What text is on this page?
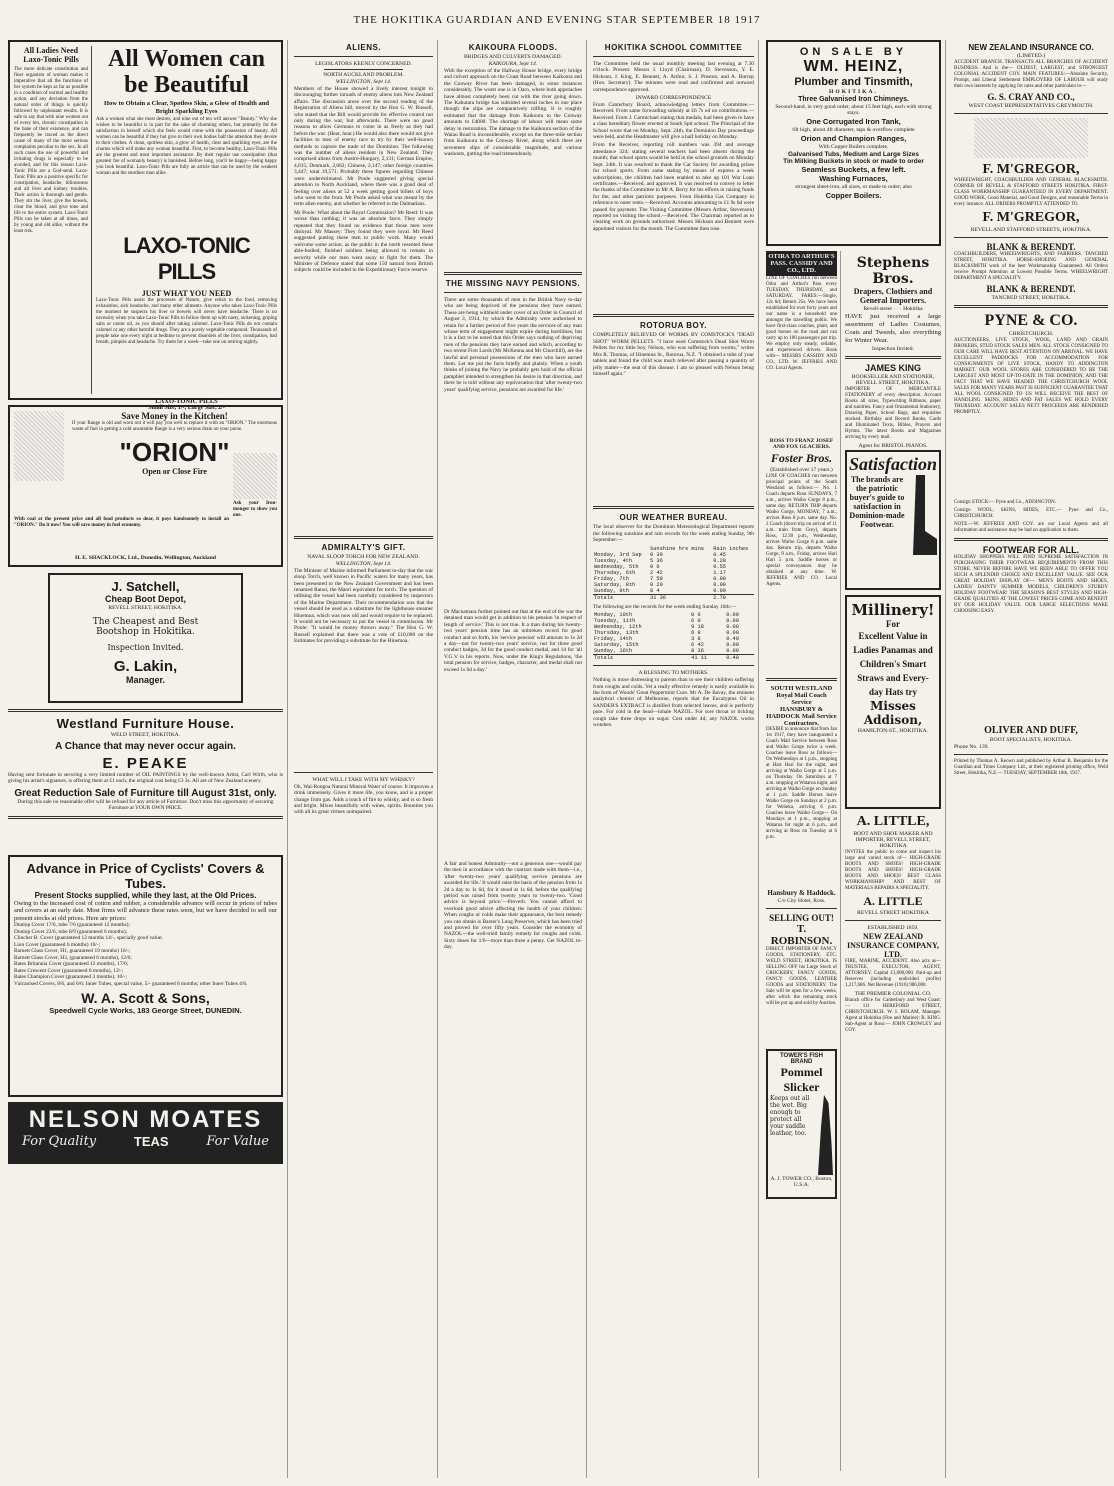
THE HOKITIKA GUARDIAN AND EVENING STAR SEPTEMBER 18 1917
All Ladies Need Laxo-Tonic Pills
The more delicate constitution and finer organism of woman makes it imperative that all the functions of her system be kept as far as possible in a condition of normal and healthy action, and any deviation from the natural order of things is quickly followed by unpleasant results. It is safe to say that with nine women out of every ten, chronic constipation is the bane of their existence, and can frequently be traced as the direct cause of many of the more serious complaints peculiar to the sex. In all such cases the use of powerful and irritating drugs is especially to be avoided, and for this reason Laxo-Tonic Pills are a God-send. Laxo-Tonic Pills are a positive specific for constipation, headache, biliousness and all liver and kidney troubles. Their action is thorough and gentle. They stir the liver, give the bowels, clear the blood, and give tone and life to the entire system. Laxo-Tonic Pills can be taken at all times, and by young and old alike, without the least risk.
All Women can be Beautiful
How to Obtain a Clear, Spotless Skin, a Glow of Health and Bright Sparkling Eyes
Ask a woman what she most desires, and nine out of ten will answer "Beauty." Why she wishes to be beautiful is in part for the sake of charming others, but primarily for the satisfaction in herself which she feels would come with the possession of beauty. All women can be beautiful if they but give to their own bodies half the attention they devote to their clothes. A clean, spotless skin, a glow of health, clear and sparkling eyes, are the charms which will make any woman beautiful. First, to become healthy, Laxo-Tonic Pills are the greatest and most important assistance. By their regular use constipation (that greatest foe of womanly beauty) is banished. Before long, you'll be happy—being happy you look beautiful. Laxo-Tonic Pills are fully an article that can be used by the weakest woman and the sturdiest man alike.
LAXO-TONIC PILLS
JUST WHAT YOU NEED
Laxo-Tonic Pills assist the processes of Nature, give relish to the food, removing exhaustion, sick headache, and many other ailments. Anyone who takes Laxo-Tonic Pills the moment he suspects his liver or bowels will never have headache. There is no necessity when you take Laxo-Tonic Pills to follow them up with nasty, sickening, griping salts or castor oil, as you should after taking calomel. Laxo-Tonic Pills do not contain calomel or any other harmful drugs. They are a purely vegetable compound. Thousands of people take one every night at bedtime to prevent disorders of the liver, constipation, bad breath, pimples and headache. Try them for a week—take one on retiring nightly.
LAXO-TONIC PILLS
Small Size, 1/-; Large Size, 2/-
Save Money in the Kitchen!
If your Range is old and worn out it will pay you well to replace it with an "ORION." The enormous waste of fuel in getting a cold unsuitable Range is a very serious drain on your purse.
"ORION"
Open or Close Fire
Ask your Iron-monger to show you one.
With coal at the present price and all food products so dear, it pays handsomely to install an "ORION." Do it now! You will save money in fuel economy.
H. E. SHACKLOCK, Ltd., Dunedin, Wellington, Auckland
J. Satchell,
Cheap Boot Depot,
REVELL STREET, HOKITIKA.
The Cheapest and Best
Bootshop in Hokitika.
Inspection Invited.
G. Lakin,
Manager.
Westland Furniture House.
WELD STREET, HOKITIKA.
A Chance that may never occur again.
E. PEAKE
Having sent fortunate in securing a very limited number of OIL PAINTINGS by the well-known Artist, Carl Wirth, who is giving his artist's signature, is offering them at £1 each, the original cost being £3 3s. All are of New Zealand scenery.
Great Reduction Sale of Furniture till August 31st, only.
During this sale no reasonable offer will be refused for any article of Furniture. Don't miss this opportunity of securing Furniture at YOUR OWN PRICE.
Advance in Price of Cyclists' Covers & Tubes.
Present Stocks supplied, while they last, at the Old Prices.
Owing to the increased cost of cotton and rubber, a considerable advance will occur in prices of tubes and covers at an early date. Most firms will advance these rates soon, but we have decided to sell our present stocks at old prices. Here are prices:
Dunlop Cover 17/6, tube 7/6 (guaranteed 12 months);
Dunlop Cover 22/6, tube 8/9 (guaranteed 6 months);
Clincher B. Cover (guaranteed 12 months 14/-, specially good value;
Lion Cover (guaranteed 6 months) 10/-;
Barnett Glass Cover, H1, guaranteed 19 months) 16/-;
Barnett Glass Cover, H3, (guaranteed 6 months), 12/6;
Bates Britannia Cover (guaranteed 12 months), 17/6;
Bates Crescent Cover (guaranteed 6 months), 12/-;
Bates Champion Cover (guaranteed 3 months), 10/-;
Vulcanised Covers, 8/6, and 6/6: Inner Tubes, special value, 5/- guaranteed 6 months; other Inner Tubes 4/6.
W. A. Scott & Sons,
Speedwell Cycle Works, 183 George Street, DUNEDIN.
NELSON MOATES
For Quality	TEAS	For Value
ALIENS.
LEGISLATORS KEENLY CONCERNED.
NORTH AUCKLAND PROBLEM.
WELLINGTON, Sept 14.
Members of the House showed a lively interest tonight in discouraging further inroads of enemy aliens into New Zealand affairs. The discussion arose over the second reading of the Registration of Aliens bill, moved by the Hon G. W. Russell, who stated that the Bill would provide for effective control not only during the war, but afterwards. There were no good reasons to allow Germans to come in as freely as they had before the war. (Hear, hear.) He would also there would not give facilities to men of enemy race to try by their well-known methods to capture the trade of the Dominion. The following was the number of aliens resident in New Zealand. They comprised aliens from Austro-Hungary, 2,131; German Empire, 4,015; Denmark, 2,062; Chinese, 2,147; other foreign countries 3,447; total 19,571. Probably these figures regarding Chinese were underestimated. Mr Poole suggested giving special attention to North Auckland, where there was a good deal of feeling over aliens at 52 a week getting good billets of boys who went to the front. Mr Poole asked what was meant by the term alien enemy, and whether he referred to the Dalmatians.
Mr Poole: What about the Royal Commission? Mr Reed: It was worse than nothing; it was an absolute farce. They simply repeated that they found no evidence that those men were disloyal. Mr Massey: They found they were loyal. Mr Reed suggested putting these men to public work. Many would welcome some action, as the public in the north resented these able-bodied, finished soldiers being allowed to remain in security while our men went away to fight for them. The Minister of Defence stated that some 150 natural born British subjects could be included in the Expeditionary Force reserve.
ADMIRALTY'S GIFT.
NAVAL SLOOP TORCH FOR NEW ZEALAND.
WELLINGTON, Sept 14.
The Minister of Marine informed Parliament to-day that the war sloop Torch, well known in Pacific waters for many years, has been presented to the New Zealand Government and has been renamed Ranui, the Maori equivalent for torch. The question of utilising the vessel had been carefully considered by inspectors of the Marine Department. Their recommendation was that the vessel should be used as a substitute for the lighthouse steamer Hinemoa, which was now old and would require to be replaced. It would not be necessary to put the vessel in commission. Mr Poole: "It would be money thrown away." The Hon G. W. Russell explained that there was a vote of £10,000 on the Estimates for providing a substitute for the Hinemoa.
WHAT WILL I TAKE WITH MY WHISKY?
Oh, Wai-Rongoa Natural Mineral Water of course. It improves a drink immensely. Gives it more life, you know, and is a proper change from gas. Adds a touch of fire to whisky, and is so fresh and bright. Mixes beautifully with wines, spirits. Bounties you with all its great virtues unimpaired.
KAIKOURA FLOODS.
BRIDGES AND CULVERTS DAMAGED.
KAIKOURA, Sept 14.
With the exception of the Hallway House bridge, every bridge and culvert approach on the Coast Road between Kaikoura and the Conway River has been damaged, in some instances considerably. The worst one is in Oaro, where both approaches have almost completely been cut with the river going down. The Kahutara bridge has subsided several inches in one place though the slips are comparatively trifling. It is roughly estimated that the damage from Kaikoura to the Conway amounts to £4000. The shortage of labour will mean some delay in restoration. The damage to the Kaikoura section of the Waiau Road is inconsiderable, except on the three-mile section from Kaikoura to the Conway River, along which there are seventeen slips of considerable magnitude, and various washouts, gutting the road tremendously.
THE MISSING NAVY PENSIONS.
There are some thousands of men in the British Navy to-day who are being deprived of the pensions they have earned. These are being withheld under cover of an Order in Council of August 3, 1914, by which the Admiralty were authorised to retain for a further period of five years the services of any man whose term of engagement might expire during hostilities; but it is a fact to be noted that this Order says nothing of depriving men of the pensions they have earned and which, according to two recent First Lords (Mr McKenna and Mr Churchill), are the lawful and personal possessions of the men who have earned them. Let me put the facts briefly and plainly. When a youth thinks of joining the Navy he probably gets hold of the official pamphlet intended to strengthen his desire in that direction, and there he is told without any equivocation that 'after twenty-two years' qualifying service, pensions are awarded for life.'
Dr Macnamara further pointed out that at the end of the war the detained man would get in addition to his pension 'in respect of length of service.' This is not true. It a man during his twenty-two years' pension time has an unbroken record for good conduct and so forth, his 'service pension' will amount to 1s 2d a day—not for twenty-two years' service, nor for three good conduct badges, 3d for the good conduct medal, and 1d for 'all V.G.'s' in his reports. Now, under the King's Regulations, 'the total pension for service, badges, character, and medal shall not exceed 1s 6d a day.'
A fair and honest Admiralty—not a generous one—would pay the men in accordance with the contract made with them—i.e., 'after twenty-two years' qualifying service pensions are awarded for life.' It would raise the basis of the pension from 1s 2d a day to 1s 6d, for it stood at 1s 6d, before the qualifying period was raised from twenty years to twenty-two. 'Good advice is beyond price.'—Proverb. You cannot afford to overlook good advice affecting the health of your children. When coughs or colds make their appearance, the best remedy you can obtain is Baxter's Lung Preserver, which has been tried and proved for over fifty years. Consider the economy of NAZOL—the well-tried family remedy for coughs and colds. Sixty doses for 1/6—more than three a penny. Get NAZOL to-day.
HOKITIKA SCHOOL COMMITTEE
The Committee held the usual monthly meeting last evening at 7.30 o'clock. Present: Messrs J. Lloyd (Chairman), D. Stevenson, Y. E. Hickson, J. King, E. Bennett, A. Arthur, S. J. Preston, and A. Burrop (Hon. Secretary). The minutes were read and confirmed and outward correspondence approved.
INWARD CORRESPONDENCE
From Canterbury Board, acknowledging letters from Committee.—Received. From same forwarding subsidy at £6 7s od on contributions.—Received. From J. Carmichael stating that medals, had been given to have a class hereditary flower erected at South Spit school. The Principal of the School wrote that on Monday, Sept. 24th, the Dominion Day proceedings were held, and the Headmaster will give a half holiday on Monday.
From the Receiver, reporting roll numbers was 394 and average attendance 324; stating several teachers had been absent during the month; that school sports would be held in the school grounds on Monday Sept. 24th. It was resolved to thank the Cat Society for awarding prizes for school sports. From same stating by means of express a week subscriptions, the children had been enabled to take up 101 War Loan certificates.—Received, and approved. It was resolved to convey to letter the thanks of the Committee to Mr A. Berry for his efforts in raising funds for the, and other patriotic purposes. From Hokitika Gas Company in reference to outer rents.—Received. Accounts amounting to £1 9s 6d were passed for payment. The Visiting Committee (Messrs Arthur, Stevenson) reported on visiting the school.—Received. The Chairman reported as to clearing work on grounds authorised. Messrs Hickson and Bennett were appointed visitors for the month. The Committee then rose.
ROTORUA BOY.
COMPLETELY RELIEVED OF WORMS BY COMSTOCK'S "DEAD SHOT" WORM PELLETS. "I have used Comstock's Dead Shot Worm Pellets for my little boy, Nelson, who was suffering from worms," writes Mrs R. Thomas, of Hinemoa St., Rotorua, N.Z. "I obtained a tube of your tablets and found the child was much relieved after passing a quantity of jelly matter—the seat of this disease. I am so pleased with Nelson being himself again."
OUR WEATHER BUREAU.
The local observer for the Dominion Meteorological Department reports the following sunshine and rain records for the week ending Sunday, 9th September:—
	Sunshine hrs mins	Rain inches
Monday, 3rd Sep	0 30	0.45
Tuesday, 4th	5 36	0.28
Wednesday, 5th	0 0	0.55
Thursday, 6th	2 42	1.17
Friday, 7th	7 50	0.00
Saturday, 8th	8 20	0.00
Sunday, 9th	8 4	0.00
Totals	31 36	2.70
The following are the records for the week ending Sunday 16th:—
Monday, 10th	0 0	0.00
Tuesday, 11th	6 0	0.00
Wednesday, 12th	9 18	0.00
Thursday, 13th	6 8	0.00
Friday, 14th	3 8	0.40
Saturday, 15th	6 42	0.00
Sunday, 16th	8 36	0.00
Totals	41 11	0.40
A BLESSING TO MOTHERS.
Nothing is more distressing to parents than to see their children suffering from coughs and colds. Yet a really effective remedy is easily available in the form of Woods' Great Peppermint Cure. Mr A. De Bavay, the eminent analytical chemist of Melbourne, reports that the Eucalyptus Oil in SANDER'S EXTRACT is distilled from selected leaves, and is perfectly pure. For cold in the head—inhale NAZOL. For sore throat or tickling cough take three drops on sugar. Cost under 4d; any NAZOL works wonders.
ON SALE BY
WM. HEINZ,
Plumber and Tinsmith,
HOKITIKA.
Three Galvanised Iron Chimneys.
Second-hand, in very good order, about 15 feet high, each with strong stays.
One Corrugated Iron Tank,
6ft high, about 4ft diameter, taps & overflow complete
Orion and Champion Ranges,
With Copper Boilers complete.
Galvanised Tubs, Medium and Large Sizes
Tin Milking Buckets in stock or made to order
Seamless Buckets, a few left.
Washing Furnaces,
strongest sheet-iron, all sizes, or made to order; also
Copper Boilers.
OTIRA TO ARTHUR'S PASS. CASSIDY AND CO., LTD.
LINE OF COACHES run between Otira and Arthur's Pass every TUESDAY, THURSDAY, and SATURDAY. FARES:—Single, 12s 6d; Return 25s. We have been established for over forty years and our name is a household one amongst the travelling public. We have first-class coaches, plant, and good horses on the road and can carry up to 100 passengers per trip. We employ only steady, reliable, and experienced drivers. Book with— MESSRS CASSIDY AND CO., LTD. W. JEFFRIES AND CO. Local Agents.
ROSS TO FRANZ JOSEF AND FOX GLACIERS.
Foster Bros.
(Established over 17 years.)
LINE OF COACHES run between principal points of the South Westland as follows:— No. 1 Coach departs Ross SUNDAYS, 7 a.m., arrives Waiho Gorge 8 p.m., same day. RETURN TRIP departs Waiho Gorge, MONDAY, 7 a.m., arrives Ross 8 p.m. same day. No. 2 Coach (down trip on arrival of 11 a.m. train from Grey), departs Ross, 12.30 p.m., Wednesday, arrives Waiho Gorge 8 p.m. same day. Return trip, departs Waiho Gorge, 9 a.m., Friday, arrives Hari Hari 5 p.m. Saddle horses or special conveyances may be obtained at any time. W. JEFFRIES AND CO. Local Agents.
SOUTH WESTLAND Royal Mail Coach Service
HANSBURY & HADDOCK Mail Service Contractors.
DESIRE to announce that from Jan 1st 1917, they have inaugurated a Coach Mail Service between Ross and Waiho Gorge twice a week. Coaches leave Ross as follows— On Wednesdays at 1 p.m., stopping at Hari Hari for the night, and arriving at Waiho Gorge at 5 p.m. on Thursday. On Saturdays at 7 a.m. stopping at Wataroa night, and arriving at Waiho Gorge on Sunday at 1 p.m. Saddle Horses leave Waiho Gorge on Sundays at 2 p.m. for Weheka, arriving 6 p.m. Coaches leave Waiho Gorge— On Mondays at 1 p.m., stopping at Wataroa for night at 6 p.m., and arriving at Ross on Tuesday at 6 p.m.
Hansbury & Haddock.
C/o City Hotel, Ross.
SELLING OUT!
T. ROBINSON.
DIRECT IMPORTER OF FANCY GOODS, STATIONERY, ETC. WELD STREET, HOKITIKA. IS SELLING OFF his Large Stock of CROCKERY, FANCY GOODS, FANCY GOODS, LEATHER GOODS and STATIONERY. The Sale will be open for a few weeks, after which the remaining stock will be put up and sold by Auction.
TOWER'S FISH BRAND
Pommel Slicker
Keeps out all the wet. Big enough to protect all your saddle leather, too.
A. J. TOWER CO., Boston, U.S.A.
Stephens Bros.
Drapers, Clothiers and General Importers.
Revell-street · · · Hokitika
HAVE just received a large assortment of Ladies Costumes, Coats and Tweeds, also everything for Winter Wear.
Inspection Invited.
JAMES KING
BOOKSELLER AND STATIONER, REVELL STREET, HOKITIKA.
IMPORTER OF MERCANTILE STATIONERY of every description. Account Books all sizes, Typewriting Ribbons, paper and sundries. Fancy and Ornamental Stationery, Drawing Paper, School Bags, and requisites stocked. Birthday and Record Books, Cards and Illuminated Texts, Bibles, Prayers and Hymns. The latest Books and Magazines arriving by every mail.
Agent for BRISTOL PIANOS.
Satisfaction
The brands are the patriotic buyer's guide to satisfaction in Dominion-made Footwear.
Millinery!
For
Excellent Value in Ladies Panamas and Children's Smart Straws and Every-day Hats try
Misses Addison,
HAMILTON-ST., HOKITIKA.
A. LITTLE,
BOOT AND SHOE MAKER AND IMPORTER, REVELL STREET, HOKITIKA
INVITES the public to come and inspect his large and varied stock of— HIGH-GRADE BOOTS AND SHOES! HIGH-GRADE BOOTS AND SHOES! HIGH-GRADE BOOTS AND SHOES! BEST CLASS WORKMANSHIP! AND BEST OF MATERIALS REPAIRS A SPECIALITY.
A. LITTLE
REVELL STREET HOKITIKA
ESTABLISHED 1859.
NEW ZEALAND INSURANCE COMPANY, LTD.
FIRE, MARINE, ACCIDENT. Also acts as— TRUSTEE, EXECUTOR, AGENT, ATTORNEY. Capital £1,000,000. Paid-up and Reserves (including undivided profits) 1,217,686. Net Revenue (1916) 986,000.
THE PREMIER COLONIAL CO.
Branch office for Canterbury and West Coast:— 111 HEREFORD STREET, CHRISTCHURCH. W. I. BOLAM, Manager. Agent at Hokitika (Fire and Marine): B. KING. Sub-Agent at Ross:— JOHN CROWLEY and COY.
NEW ZEALAND INSURANCE CO.
(LIMITED.)
ACCIDENT BRANCH. TRANSACTS ALL BRANCHES OF ACCIDENT BUSINESS. And is the— OLDEST, LARGEST, and STRONGEST COLONIAL ACCIDENT COY. MAIN FEATURES:—Absolute Security, Prompt, and Liberal Settlement EMPLOYERS OF LABOUR will study their own interests by applying for rates and other particulars to—
G. S. CRAY AND CO.,
WEST COAST REPRESENTATIVES GREYMOUTH.
F. M'GREGOR,
WHEELWRIGHT, COACHBUILDER AND GENERAL BLACKSMITH. CORNER OF REVELL & STAFFORD STREETS HOKITIKA. FIRST-CLASS WORKMANSHIP GUARANTEED IN EVERY DEPARTMENT. GOOD WORK, Good Material, and Good Designs, and reasonable Terms in every instance. ALL ORDERS PROMPTLY ATTENDED TO.
F. M'GREGOR,
REVELL AND STAFFORD STREETS, HOKITIKA.
BLANK & BERENDT.
COACHBUILDERS, WHEELWRIGHTS, AND FARRIERS. TANCRED STREET, HOKITIKA. HORSE-SHOEING AND GENERAL BLACKSMITH work of the best Workmanship Guaranteed. All Orders receive Prompt Attention at Lowest Possible Terms. WHEELWRIGHT DEPARTMENT A SPECIALITY.
BLANK & BERENDT.
TANCRED STREET, HOKITIKA.
PYNE & CO.
CHRISTCHURCH.
AUCTIONEERS, LIVE STOCK, WOOL, LAND AND GRAIN BROKERS, STUD STOCK SALES MEN. ALL STOCK CONSIGNED TO OUR CARE WILL HAVE BEST ATTENTION ON ARRIVAL. WE HAVE EXCELLENT PADDOCKS FOR ACCOMMODATION FOR CONSIGNMENTS OF LIVE STOCK, HANDY TO ADDINGTON MARKET. OUR WOOL STORES ARE CONSIDERED TO BE THE LARGEST AND MOST UP-TO-DATE IN THE DOMINION, AND THE FACT THAT WE HAVE HEADED THE CHRISTCHURCH WOOL SALES FOR MANY YEARS PAST IS SUFFICIENT GUARANTEE THAT ALL WOOL CONSIGNED TO US WILL RECEIVE THE BEST OF HANDLING. SKINS, HIDES AND FAT SALES WE HOLD EVERY THURSDAY. ACCOUNT SALES NETT PROCEEDS ARE RENDERED PROMPTLY.
Consign STOCK:— Pyne and Co., ADDINGTON.
Consign WOOL, SKINS, HIDES, ETC.— Pyne and Co., CHRISTCHURCH.
NOTE.—W. JEFFRIES AND COY. are our Local Agents and all information and assistance may be had on application to them.
FOOTWEAR FOR ALL.
HOLIDAY SHOPPERS WILL FIND SUPREME SATISFACTION IN PURCHASING THEIR FOOTWEAR REQUIREMENTS FROM THIS STORE. NEVER BEFORE HAVE WE BEEN ABLE TO OFFER YOU SUCH A SPLENDID CHOICE AND EXCELLENT VALUE. SEE OUR GREAT HOLIDAY DISPLAY OF— MEN'S BOOTS AND SHOES, LADIES' DAINTY SUMMER MODELS, CHILDREN'S STURDY HOLIDAY FOOTWEAR! THE SEASON'S BEST STYLES AND HIGH-GRADE QUALITIES AT THE LOWEST PRICES COME AND BENEFIT BY OUR HOLIDAY VALUE. OUR LARGE SELECTIONS MAKE CHOOSING EASY.
OLIVER AND DUFF,
BOOT SPECIALISTS, HOKITIKA.
Phone No. 139.
Printed by Thomas A. Keown and published by Arthur B. Benjamin for the Guardian and Times Company Ltd., at their registered printing office, Weld Street, Hokitika, N.Z.— TUESDAY, SEPTEMBER 18th, 1917.
